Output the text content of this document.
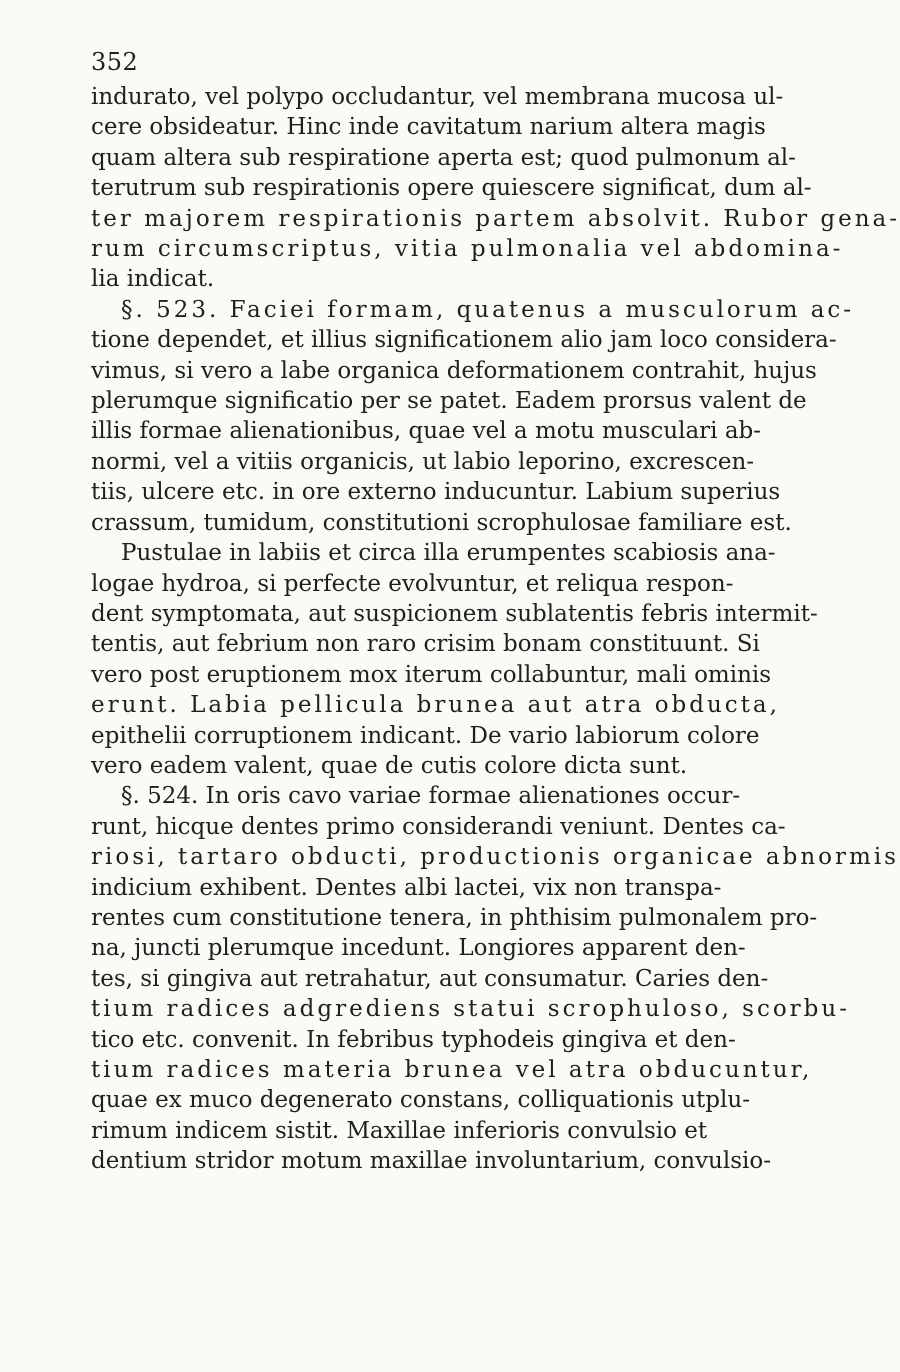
352
indurato, vel polypo occludantur, vel membrana mucosa ul-
cere obsideatur. Hinc inde cavitatum narium altera magis
quam altera sub respiratione aperta est; quod pulmonum al-
terutrum sub respirationis opere quiescere significat, dum al-
ter majorem respirationis partem absolvit. Rubor gena-
rum circumscriptus, vitia pulmonalia vel abdomina-
lia indicat.
§. 523. Faciei formam, quatenus a musculorum ac-
tione dependet, et illius significationem alio jam loco considera-
vimus, si vero a labe organica deformationem contrahit, hujus
plerumque significatio per se patet. Eadem prorsus valent de
illis formae alienationibus, quae vel a motu musculari ab-
normi, vel a vitiis organicis, ut labio leporino, excrescen-
tiis, ulcere etc. in ore externo inducuntur. Labium superius
crassum, tumidum, constitutioni scrophulosae familiare est.
Pustulae in labiis et circa illa erumpentes scabiosis ana-
logae hydroa, si perfecte evolvuntur, et reliqua respon-
dent symptomata, aut suspicionem sublatentis febris intermit-
tentis, aut febrium non raro crisim bonam constituunt. Si
vero post eruptionem mox iterum collabuntur, mali ominis
erunt. Labia pellicula brunea aut atra obducta,
epithelii corruptionem indicant. De vario labiorum colore
vero eadem valent, quae de cutis colore dicta sunt.
§. 524. In oris cavo variae formae alienationes occur-
runt, hicque dentes primo considerandi veniunt. Dentes ca-
riosi, tartaro obducti, productionis organicae abnormis
indicium exhibent. Dentes albi lactei, vix non transpa-
rentes cum constitutione tenera, in phthisim pulmonalem pro-
na, juncti plerumque incedunt. Longiores apparent den-
tes, si gingiva aut retrahatur, aut consumatur. Caries den-
tium radices adgrediens statui scrophuloso, scorbu-
tico etc. convenit. In febribus typhodeis gingiva et den-
tium radices materia brunea vel atra obducuntur,
quae ex muco degenerato constans, colliquationis utplu-
rimum indicem sistit. Maxillae inferioris convulsio et
dentium stridor motum maxillae involuntarium, convulsio-
